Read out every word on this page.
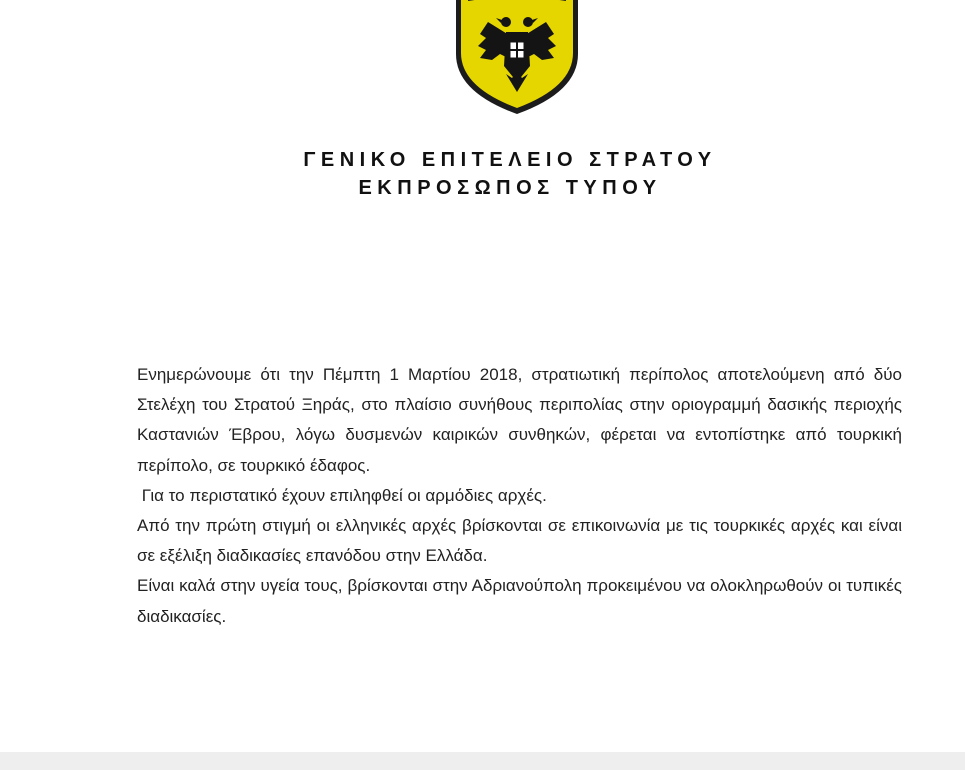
ΓΕΝΙΚΟ ΕΠΙΤΕΛΕΙΟ ΣΤΡΑΤΟΥ
ΕΚΠΡΟΣΩΠΟΣ ΤΥΠΟΥ

Ενημερώνουμε ότι την Πέμπτη 1 Μαρτίου 2018, στρατιωτική περίπολος αποτελούμενη από δύο Στελέχη του Στρατού Ξηράς, στο πλαίσιο συνήθους περιπολίας στην οριογραμμή δασικής περιοχής Καστανιών Έβρου, λόγω δυσμενών καιρικών συνθηκών, φέρεται να εντοπίστηκε από τουρκική περίπολο, σε τουρκικό έδαφος.

Για το περιστατικό έχουν επιληφθεί οι αρμόδιες αρχές.

Από την πρώτη στιγμή οι ελληνικές αρχές βρίσκονται σε επικοινωνία με τις τουρκικές αρχές και είναι σε εξέλιξη διαδικασίες επανόδου στην Ελλάδα.

Είναι καλά στην υγεία τους, βρίσκονται στην Αδριανούπολη προκειμένου να ολοκληρωθούν οι τυπικές διαδικασίες.
